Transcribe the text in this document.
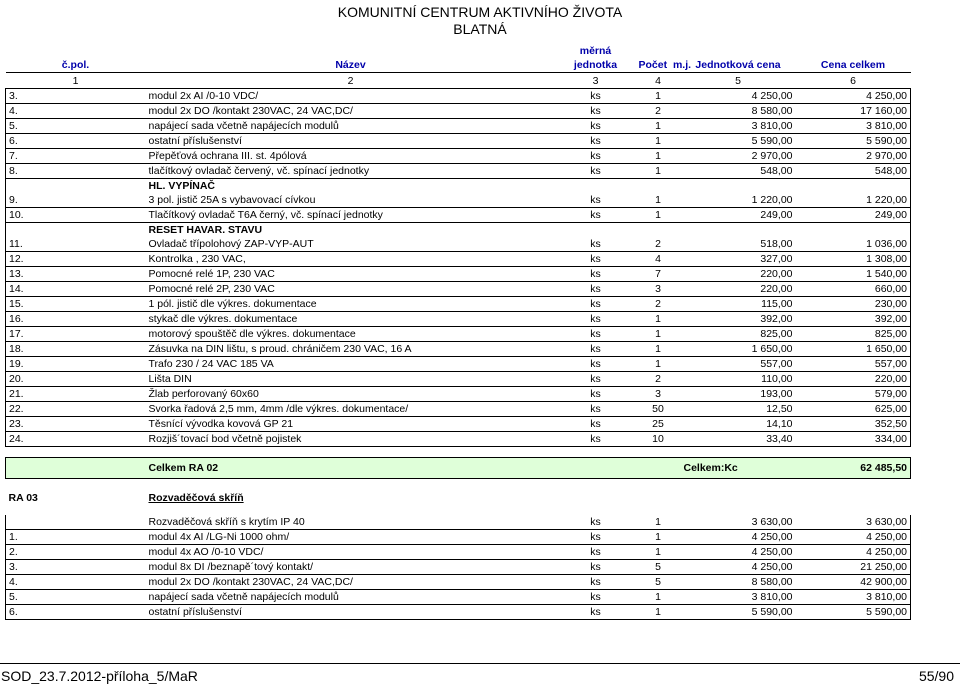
KOMUNITNÍ CENTRUM AKTIVNÍHO ŽIVOTA
BLATNÁ
		měrná			
č.pol.	Název	jednotka	Počet m.j.	Jednotková cena	Cena celkem
1	2	3	4	5	6
3.	modul 2x AI /0-10 VDC/	ks	1	4 250,00	4 250,00
4.	modul 2x DO /kontakt 230VAC, 24 VAC,DC/	ks	2	8 580,00	17 160,00
5.	napájecí sada včetně napájecích modulů	ks	1	3 810,00	3 810,00
6.	ostatní příslušenství	ks	1	5 590,00	5 590,00
7.	Přepěťová ochrana III. st. 4pólová	ks	1	2 970,00	2 970,00
8.	tlačítkový ovladač červený, vč. spínací jednotky	ks	1	548,00	548,00
	HL. VYPÍNAČ				
9.	3 pol. jistič 25A s vybavovací cívkou	ks	1	1 220,00	1 220,00
10.	Tlačítkový ovladač T6A černý, vč. spínací jednotky	ks	1	249,00	249,00
	RESET HAVAR. STAVU				
11.	Ovladač třípolohový ZAP-VYP-AUT	ks	2	518,00	1 036,00
12.	Kontrolka , 230 VAC,	ks	4	327,00	1 308,00
13.	Pomocné relé 1P, 230 VAC	ks	7	220,00	1 540,00
14.	Pomocné relé 2P, 230 VAC	ks	3	220,00	660,00
15.	1 pól. jistič dle výkres. dokumentace	ks	2	115,00	230,00
16.	stykač dle výkres. dokumentace	ks	1	392,00	392,00
17.	motorový spouštěč dle výkres. dokumentace	ks	1	825,00	825,00
18.	Zásuvka na DIN lištu, s proud. chráničem 230 VAC, 16 A	ks	1	1 650,00	1 650,00
19.	Trafo 230 / 24 VAC 185 VA	ks	1	557,00	557,00
20.	Lišta DIN	ks	2	110,00	220,00
21.	Žlab perforovaný 60x60	ks	3	193,00	579,00
22.	Svorka řadová 2,5 mm, 4mm /dle výkres. dokumentace/	ks	50	12,50	625,00
23.	Těsnící vývodka kovová GP 21	ks	25	14,10	352,50
24.	Rozjiš´tovací bod včetně pojistek	ks	10	33,40	334,00

	Celkem RA 02			Celkem:Kc	62 485,50

RA 03	Rozvaděčová skříň				

	Rozvaděčová skříň s krytím IP 40	ks	1	3 630,00	3 630,00
1.	modul 4x AI /LG-Ni 1000 ohm/	ks	1	4 250,00	4 250,00
2.	modul 4x AO /0-10 VDC/	ks	1	4 250,00	4 250,00
3.	modul 8x DI /beznapě´tový kontakt/	ks	5	4 250,00	21 250,00
4.	modul 2x DO /kontakt 230VAC, 24 VAC,DC/	ks	5	8 580,00	42 900,00
5.	napájecí sada včetně napájecích modulů	ks	1	3 810,00	3 810,00
6.	ostatní příslušenství	ks	1	5 590,00	5 590,00
SOD_23.7.2012-příloha_5/MaR	55/90
